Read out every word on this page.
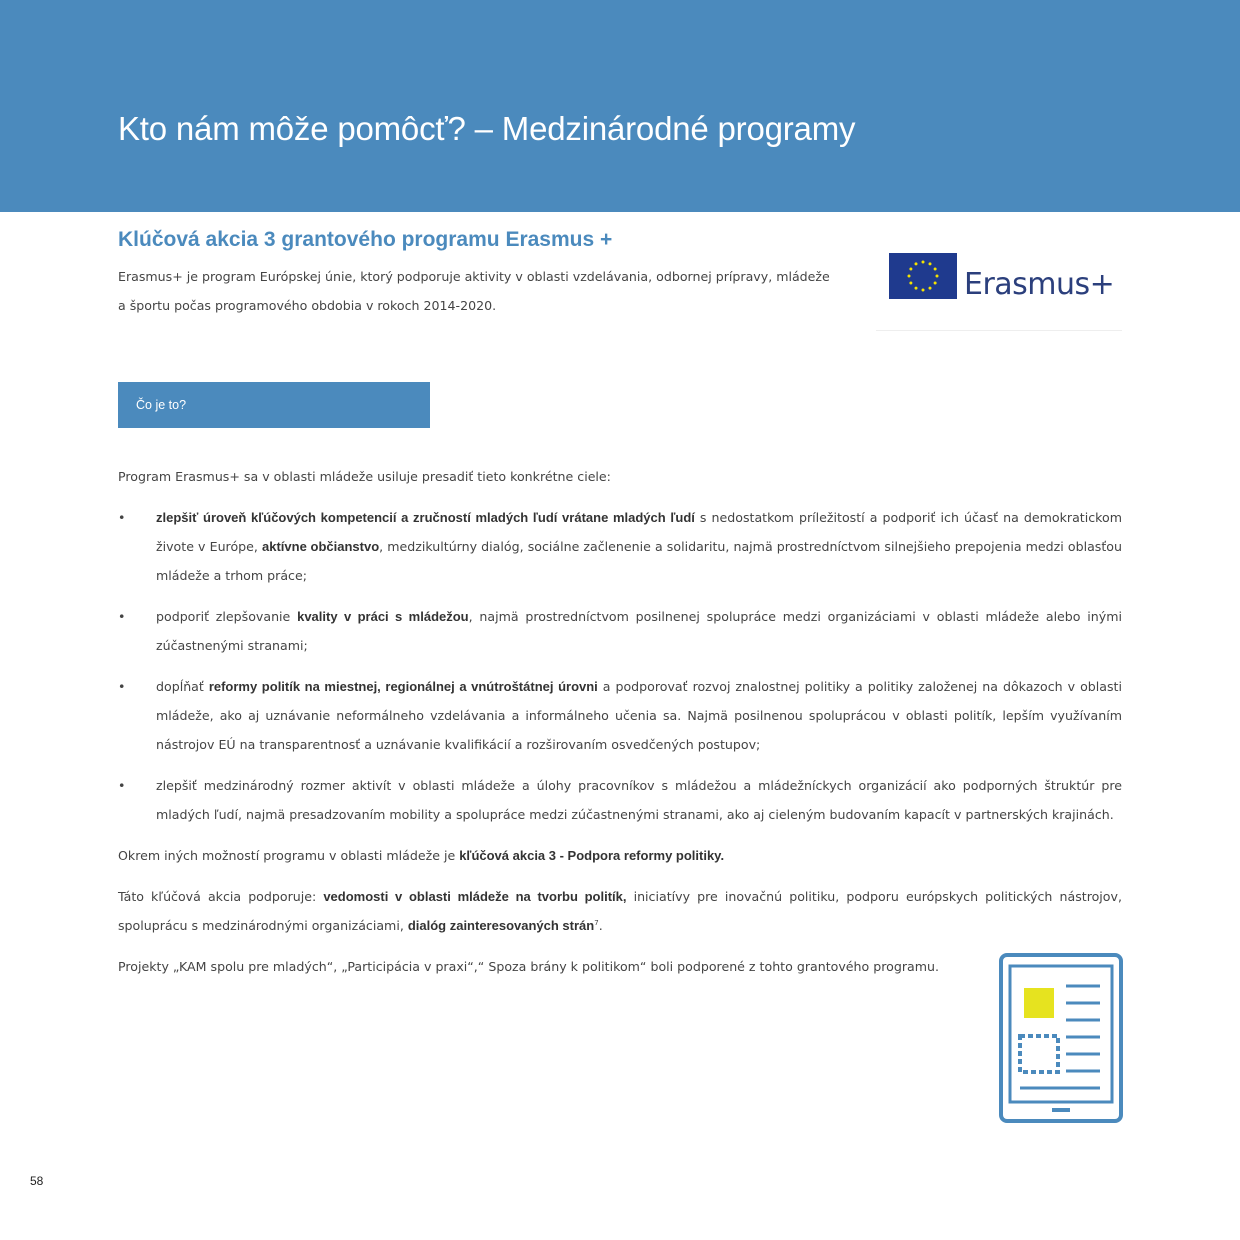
Kto nám môže pomôcť? – Medzinárodné programy
Klúčová akcia 3 grantového programu Erasmus +

Erasmus+ je program Európskej únie, ktorý podporuje aktivity v oblasti vzdelávania, odbornej prípravy, mládeže a športu počas programového obdobia v rokoch 2014-2020.

Erasmus+
Čo je to?

Program Erasmus+ sa v oblasti mládeže usiluje presadiť tieto konkrétne ciele:

• zlepšiť úroveň kľúčových kompetencií a zručností mladých ľudí vrátane mladých ľudí s nedostatkom príležitostí a podporiť ich účasť na demokratickom živote v Európe, aktívne občianstvo, medzikultúrny dialóg, sociálne začlenenie a solidaritu, najmä prostredníctvom silnejšieho prepojenia medzi oblasťou mládeže a trhom práce;
• podporiť zlepšovanie kvality v práci s mládežou, najmä prostredníctvom posilnenej spolupráce medzi organizáciami v oblasti mládeže alebo inými zúčastnenými stranami;
• dopĺňať reformy politík na miestnej, regionálnej a vnútroštátnej úrovni a podporovať rozvoj znalostnej politiky a politiky založenej na dôkazoch v oblasti mládeže, ako aj uznávanie neformálneho vzdelávania a informálneho učenia sa. Najmä posilnenou spoluprácou v oblasti politík, lepším využívaním nástrojov EÚ na transparentnosť a uznávanie kvalifikácií a rozširovaním osvedčených postupov;
• zlepšiť medzinárodný rozmer aktivít v oblasti mládeže a úlohy pracovníkov s mládežou a mládežníckych organizácií ako podporných štruktúr pre mladých ľudí, najmä presadzovaním mobility a spolupráce medzi zúčastnenými stranami, ako aj cieleným budovaním kapacít v partnerských krajinách.

Okrem iných možností programu v oblasti mládeže je kľúčová akcia 3 - Podpora reformy politiky.

Táto kľúčová akcia podporuje: vedomosti v oblasti mládeže na tvorbu politík, iniciatívy pre inovačnú politiku, podporu európskych politických nástrojov, spoluprácu s medzinárodnými organizáciami, dialóg zainteresovaných strán$^7$.

Projekty „KAM spolu pre mladých“, „Participácia v praxi“,“ Spoza brány k politikom“ boli podporené z tohto grantového programu.

58
